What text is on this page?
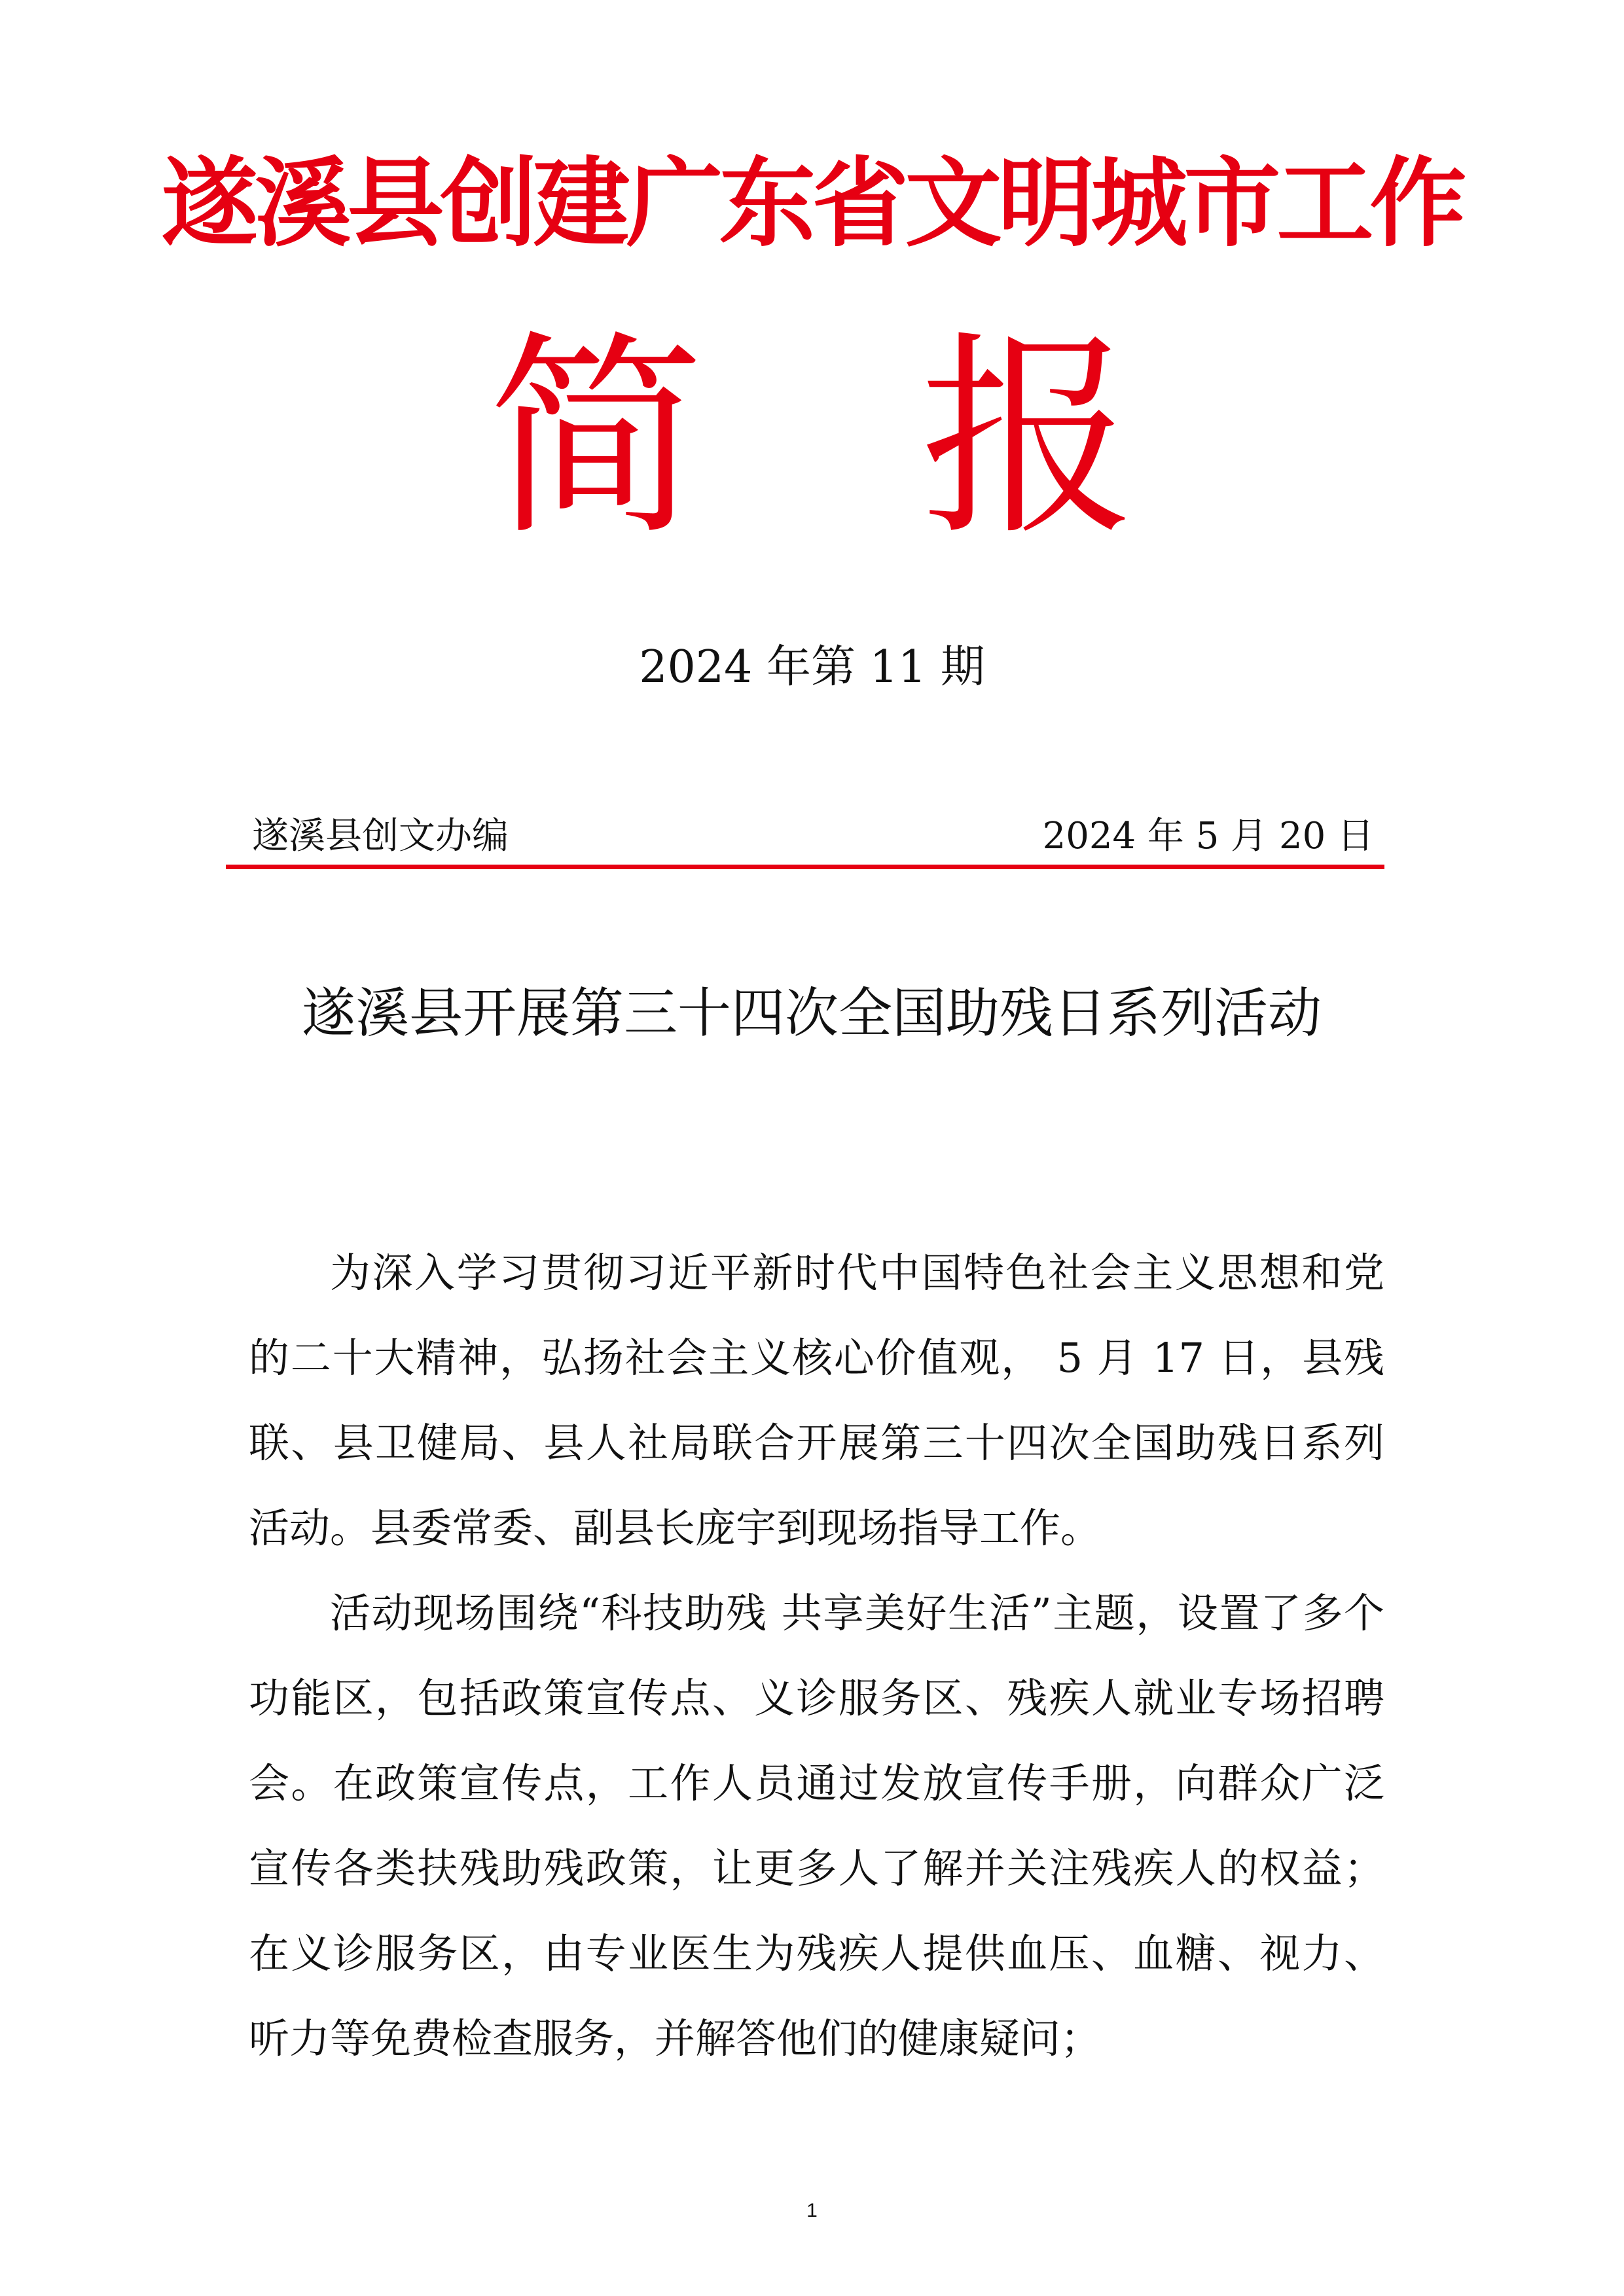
遂溪县创建广东省文明城市工作
简 报
2024 年第 11 期
遂溪县创文办编	2024 年 5 月 20 日
遂溪县开展第三十四次全国助残日系列活动

为深入学习贯彻习近平新时代中国特色社会主义思想和党的二十大精神，弘扬社会主义核心价值观， 5 月 17 日，县残联、县卫健局、县人社局联合开展第三十四次全国助残日系列活动。县委常委、副县长庞宇到现场指导工作。

活动现场围绕“科技助残 共享美好生活”主题，设置了多个功能区，包括政策宣传点、义诊服务区、残疾人就业专场招聘会。在政策宣传点，工作人员通过发放宣传手册，向群众广泛宣传各类扶残助残政策，让更多人了解并关注残疾人的权益；在义诊服务区，由专业医生为残疾人提供血压、血糖、视力、听力等免费检查服务，并解答他们的健康疑问；

1
